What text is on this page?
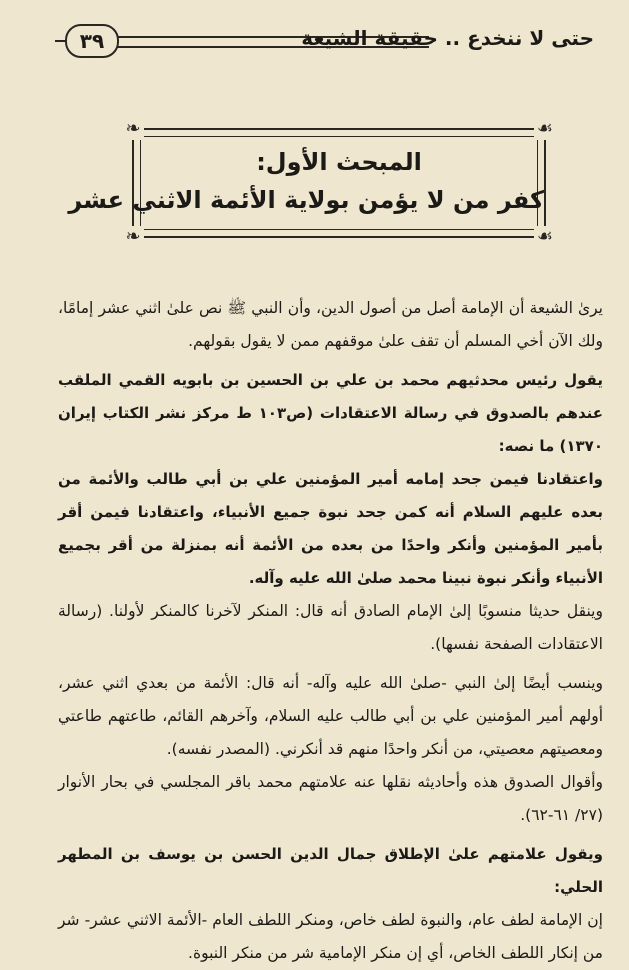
٣٩	حتى لا ننخدع .. حقيقة الشيعة
❧	☙
❧	☙
المبحث الأول:
كفر من لا يؤمن بولاية الأئمة الاثني عشر

يرىٰ الشيعة أن الإمامة أصل من أصول الدين، وأن النبي ﷺ نص علىٰ اثني عشر إمامًا، ولك الآن أخي المسلم أن تقف علىٰ موقفهم ممن لا يقول بقولهم.

يقول رئيس محدثيهم محمد بن علي بن الحسين بن بابويه القمي الملقب عندهم بالصدوق في رسالة الاعتقادات (ص١٠٣ ط مركز نشر الكتاب إيران ١٣٧٠) ما نصه:

واعتقادنا فيمن جحد إمامه أمير المؤمنين علي بن أبي طالب والأئمة من بعده عليهم السلام أنه كمن جحد نبوة جميع الأنبياء، واعتقادنا فيمن أقر بأمير المؤمنين وأنكر واحدًا من بعده من الأئمة أنه بمنزلة من أقر بجميع الأنبياء وأنكر نبوة نبينا محمد صلىٰ الله عليه وآله.

وينقل حديثا منسوبًا إلىٰ الإمام الصادق أنه قال: المنكر لآخرنا كالمنكر لأولنا. (رسالة الاعتقادات الصفحة نفسها).

وينسب أيضًا إلىٰ النبي -صلىٰ الله عليه وآله- أنه قال: الأئمة من بعدي اثني عشر، أولهم أمير المؤمنين علي بن أبي طالب عليه السلام، وآخرهم القائم، طاعتهم طاعتي ومعصيتهم معصيتي، من أنكر واحدًا منهم قد أنكرني. (المصدر نفسه).

وأقوال الصدوق هذه وأحاديثه نقلها عنه علامتهم محمد باقر المجلسي في بحار الأنوار (٢٧/ ٦١-٦٢).

ويقول علامتهم علىٰ الإطلاق جمال الدين الحسن بن يوسف بن المطهر الحلي:

إن الإمامة لطف عام، والنبوة لطف خاص، ومنكر اللطف العام -الأئمة الاثني عشر- شر من إنكار اللطف الخاص، أي إن منكر الإمامية شر من منكر النبوة.
